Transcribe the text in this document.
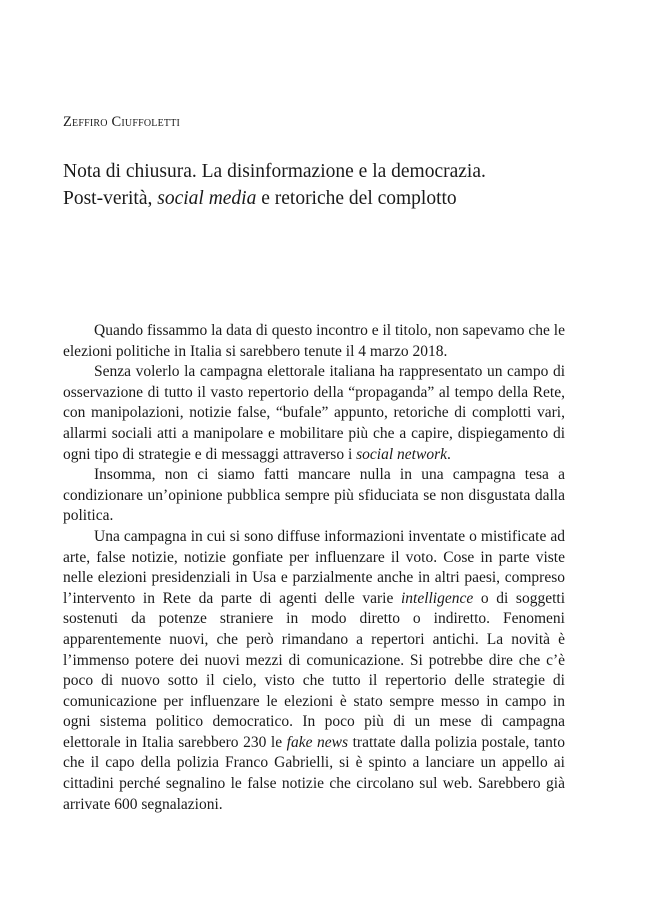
Zeffiro Ciuffoletti
Nota di chiusura. La disinformazione e la democrazia.
Post-verità, social media e retoriche del complotto

Quando fissammo la data di questo incontro e il titolo, non sapevamo che le elezioni politiche in Italia si sarebbero tenute il 4 marzo 2018.

Senza volerlo la campagna elettorale italiana ha rappresentato un campo di osservazione di tutto il vasto repertorio della “propaganda” al tempo della Rete, con manipolazioni, notizie false, “bufale” appunto, retoriche di complotti vari, allarmi sociali atti a manipolare e mobilitare più che a capire, dispiegamento di ogni tipo di strategie e di messaggi attraverso i social network.

Insomma, non ci siamo fatti mancare nulla in una campagna tesa a condizionare un’opinione pubblica sempre più sfiduciata se non disgustata dalla politica.

Una campagna in cui si sono diffuse informazioni inventate o mistificate ad arte, false notizie, notizie gonfiate per influenzare il voto. Cose in parte viste nelle elezioni presidenziali in Usa e parzialmente anche in altri paesi, compreso l’intervento in Rete da parte di agenti delle varie intelligence o di soggetti sostenuti da potenze straniere in modo diretto o indiretto. Fenomeni apparentemente nuovi, che però rimandano a repertori antichi. La novità è l’immenso potere dei nuovi mezzi di comunicazione. Si potrebbe dire che c’è poco di nuovo sotto il cielo, visto che tutto il repertorio delle strategie di comunicazione per influenzare le elezioni è stato sempre messo in campo in ogni sistema politico democratico. In poco più di un mese di campagna elettorale in Italia sarebbero 230 le fake news trattate dalla polizia postale, tanto che il capo della polizia Franco Gabrielli, si è spinto a lanciare un appello ai cittadini perché segnalino le false notizie che circolano sul web. Sarebbero già arrivate 600 segnalazioni.
